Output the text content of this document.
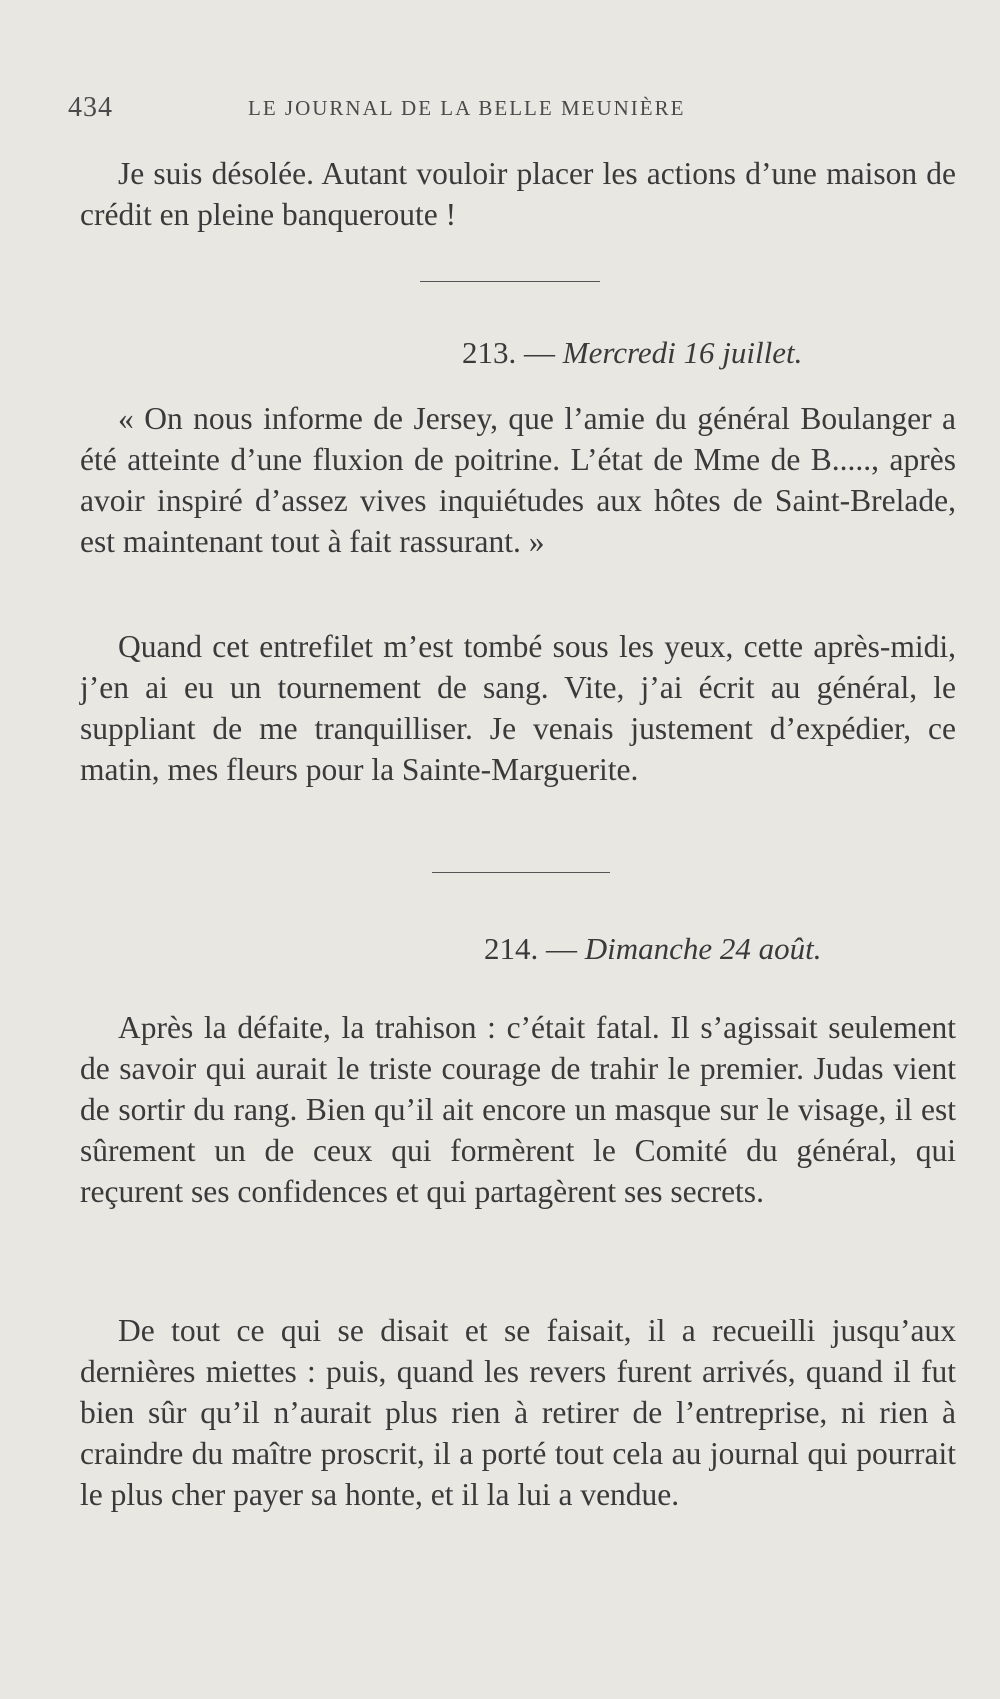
434	LE JOURNAL DE LA BELLE MEUNIÈRE

Je suis désolée. Autant vouloir placer les actions d’une maison de crédit en pleine banqueroute !

213. — Mercredi 16 juillet.

« On nous informe de Jersey, que l’amie du général Boulanger a été atteinte d’une fluxion de poitrine. L’état de Mme de B....., après avoir inspiré d’assez vives inquiétudes aux hôtes de Saint-Brelade, est maintenant tout à fait rassurant. »

Quand cet entrefilet m’est tombé sous les yeux, cette après-midi, j’en ai eu un tournement de sang. Vite, j’ai écrit au général, le suppliant de me tranquilliser. Je venais justement d’expédier, ce matin, mes fleurs pour la Sainte-Marguerite.

214. — Dimanche 24 août.

Après la défaite, la trahison : c’était fatal. Il s’agissait seulement de savoir qui aurait le triste courage de trahir le premier. Judas vient de sortir du rang. Bien qu’il ait encore un masque sur le visage, il est sûrement un de ceux qui formèrent le Comité du général, qui reçurent ses confidences et qui partagèrent ses secrets.

De tout ce qui se disait et se faisait, il a recueilli jusqu’aux dernières miettes : puis, quand les revers furent arrivés, quand il fut bien sûr qu’il n’aurait plus rien à retirer de l’entreprise, ni rien à craindre du maître proscrit, il a porté tout cela au journal qui pourrait le plus cher payer sa honte, et il la lui a vendue.
